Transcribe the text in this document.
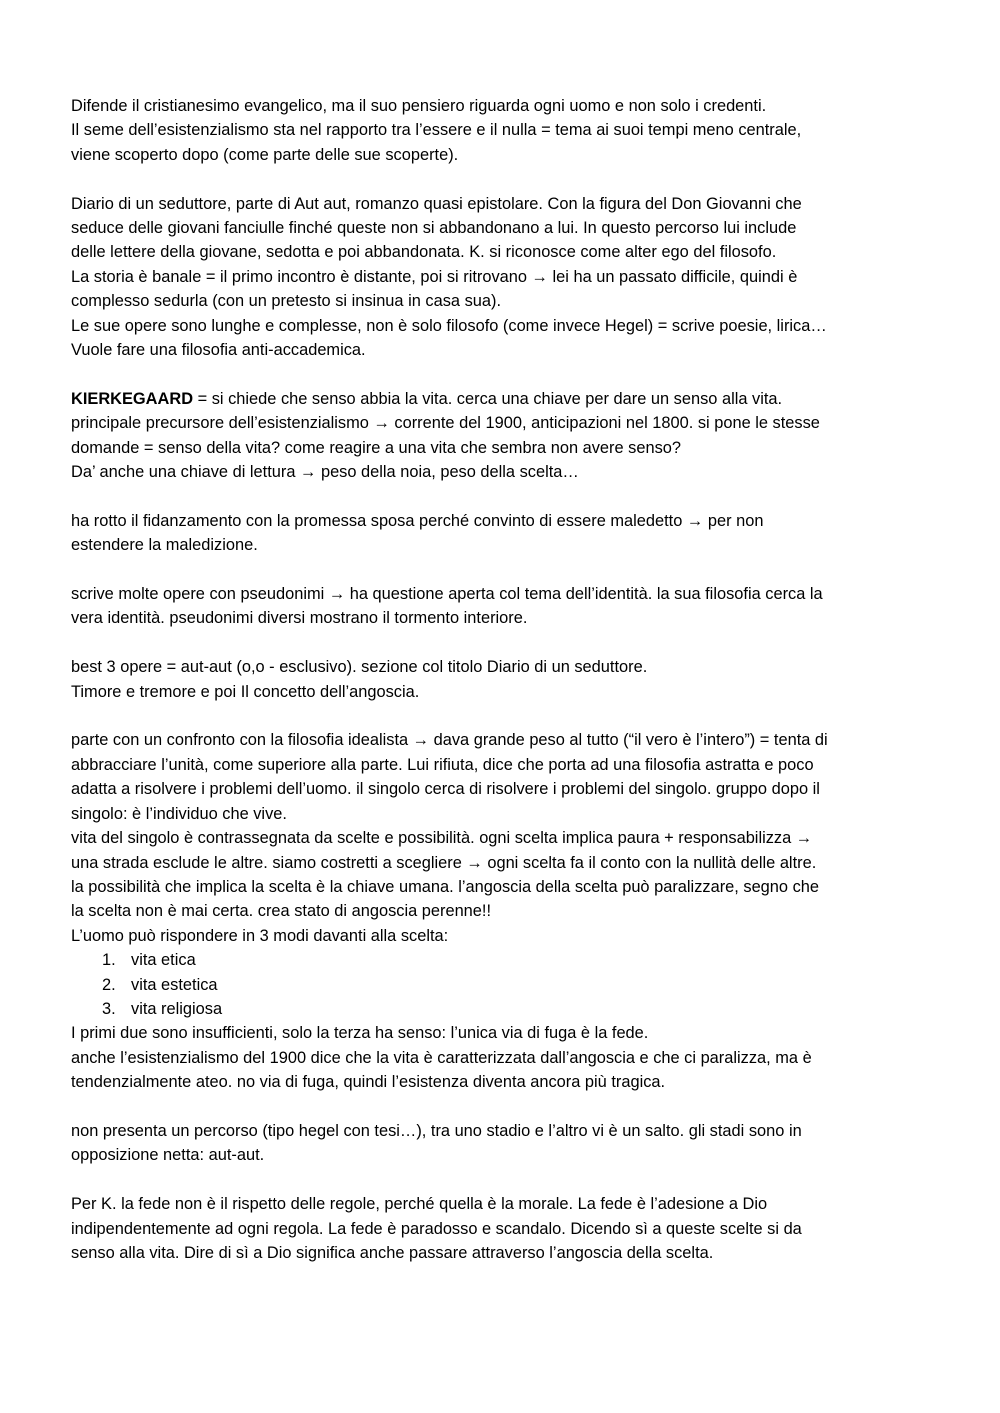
Difende il cristianesimo evangelico, ma il suo pensiero riguarda ogni uomo e non solo i credenti.
Il seme dell’esistenzialismo sta nel rapporto tra l’essere e il nulla = tema ai suoi tempi meno centrale,
viene scoperto dopo (come parte delle sue scoperte).

Diario di un seduttore, parte di Aut aut, romanzo quasi epistolare. Con la figura del Don Giovanni che
seduce delle giovani fanciulle finché queste non si abbandonano a lui. In questo percorso lui include
delle lettere della giovane, sedotta e poi abbandonata. K. si riconosce come alter ego del filosofo.
La storia è banale = il primo incontro è distante, poi si ritrovano → lei ha un passato difficile, quindi è
complesso sedurla (con un pretesto si insinua in casa sua).
Le sue opere sono lunghe e complesse, non è solo filosofo (come invece Hegel) = scrive poesie, lirica…
Vuole fare una filosofia anti-accademica.

KIERKEGAARD = si chiede che senso abbia la vita. cerca una chiave per dare un senso alla vita.
principale precursore dell’esistenzialismo → corrente del 1900, anticipazioni nel 1800. si pone le stesse
domande = senso della vita? come reagire a una vita che sembra non avere senso?
Da’ anche una chiave di lettura → peso della noia, peso della scelta…

ha rotto il fidanzamento con la promessa sposa perché convinto di essere maledetto → per non
estendere la maledizione.

scrive molte opere con pseudonimi → ha questione aperta col tema dell’identità. la sua filosofia cerca la
vera identità. pseudonimi diversi mostrano il tormento interiore.

best 3 opere = aut-aut (o,o - esclusivo). sezione col titolo Diario di un seduttore.
Timore e tremore e poi Il concetto dell’angoscia.

parte con un confronto con la filosofia idealista → dava grande peso al tutto (“il vero è l’intero”) = tenta di
abbracciare l’unità, come superiore alla parte. Lui rifiuta, dice che porta ad una filosofia astratta e poco
adatta a risolvere i problemi dell’uomo. il singolo cerca di risolvere i problemi del singolo. gruppo dopo il
singolo: è l’individuo che vive.
vita del singolo è contrassegnata da scelte e possibilità. ogni scelta implica paura + responsabilizza →
una strada esclude le altre. siamo costretti a scegliere → ogni scelta fa il conto con la nullità delle altre.
la possibilità che implica la scelta è la chiave umana. l’angoscia della scelta può paralizzare, segno che
la scelta non è mai certa. crea stato di angoscia perenne!!
L’uomo può rispondere in 3 modi davanti alla scelta:
1. vita etica
2. vita estetica
3. vita religiosa
I primi due sono insufficienti, solo la terza ha senso: l’unica via di fuga è la fede.
anche l’esistenzialismo del 1900 dice che la vita è caratterizzata dall’angoscia e che ci paralizza, ma è
tendenzialmente ateo. no via di fuga, quindi l’esistenza diventa ancora più tragica.

non presenta un percorso (tipo hegel con tesi…), tra uno stadio e l’altro vi è un salto. gli stadi sono in
opposizione netta: aut-aut.

Per K. la fede non è il rispetto delle regole, perché quella è la morale. La fede è l’adesione a Dio
indipendentemente ad ogni regola. La fede è paradosso e scandalo. Dicendo sì a queste scelte si da
senso alla vita. Dire di sì a Dio significa anche passare attraverso l’angoscia della scelta.
